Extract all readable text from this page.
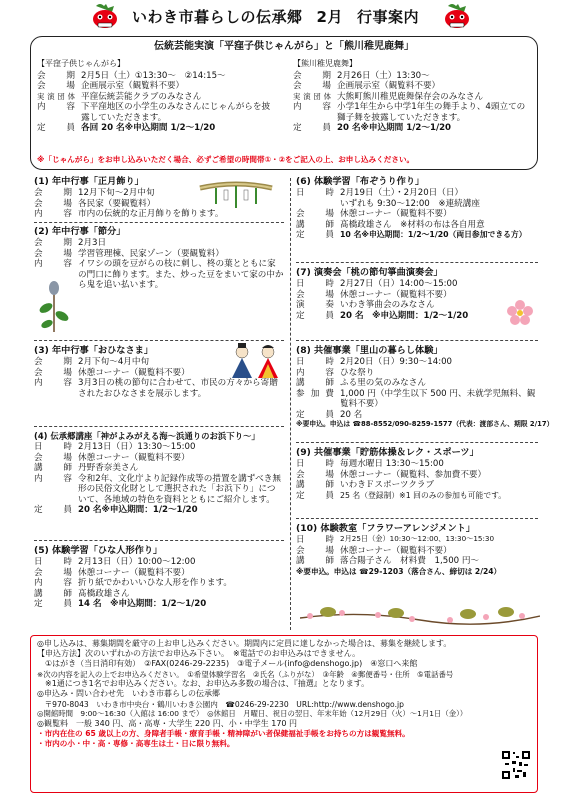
いわき市暮らしの伝承郷 2月 行事案内
伝統芸能実演「平窪子供じゃんがら」と「熊川稚児鹿舞」
【平窪子供じゃんがら】
会　期 2月5日（土）①13:30～　②14:15～
会　場 企画展示室（観覧料不要）
実演団体 平窪伝統芸能クラブのみなさん
内　容 下平窪地区の小学生のみなさんにじゃんがらを披露していただきます。
定　員 各回 20 名※申込期間 1/2～1/20
【熊川稚児鹿舞】
会　期 2月26日（土）13:30～
会　場 企画展示室（観覧料不要）
実演団体 大熊町熊川稚児鹿舞保存会のみなさん
内　容 小学1年生から中学1年生の舞手より、4頭立ての獅子舞を披露していただきます。
定　員 20 名※申込期間 1/2～1/20
※「じゃんがら」をお申し込みいただく場合、必ずご希望の時間帯①・②をご記入の上、お申し込みください。
(1) 年中行事「正月飾り」
会　期 12月下旬～2月中旬
会　場 各民家（要観覧料）
内　容 市内の伝統的な正月飾りを飾ります。
(2) 年中行事「節分」
会　期 2月3日
会　場 学習管理棟、民家ゾーン（要観覧料）
内　容 イワシの頭を豆がらの枝に刺し、柊の葉とともに家の門口に飾ります。また、炒った豆をまいて家の中から鬼を追い払います。
(3) 年中行事「おひなさま」
会　期 2月下旬～4月中旬
会　場 休憩コーナー（観覧料不要）
内　容 3月3日の桃の節句に合わせて、市民の方々から寄贈されたおひなさまを展示します。
(4) 伝承郷講座「神がよみがえる海～浜通りのお浜下り～」
日　時 2月13日（日）13:30～15:00
会　場 休憩コーナー（観覧料不要）
講　師 丹野香奈美さん
内　容 令和2年、文化庁より記録作成等の措置を講ずべき無形の民俗文化財として選択された「お浜下り」について、各地域の特色を資料とともにご紹介します。
定　員 20 名※申込期間：1/2～1/20
(5) 体験学習「ひな人形作り」
日　時 2月13日（日）10:00～12:00
会　場 休憩コーナー（観覧料不要）
内　容 折り紙でかわいいひな人形を作ります。
講　師 髙橋政雄さん
定　員 14 名　※申込期間：1/2～1/20
(6) 体験学習「布ぞうり作り」
日　時 2月19日（土）・2月20日（日）
いずれも 9:30～12:00　※連続講座
会　場 休憩コーナー（観覧料不要）
講　師 髙橋政雄さん　※材料の布は各自用意
定　員 10 名※申込期間：1/2～1/20（両日参加できる方）
(7) 演奏会「桃の節句箏曲演奏会」
日　時 2月27日（日）14:00～15:00
会　場 休憩コーナー（観覧料不要）
演　奏 いわき箏曲会のみなさん
定　員 20 名　※申込期間：1/2～1/20
(8) 共催事業「里山の暮らし体験」
日　時 2月20日（日）9:30～14:00
内　容 ひな祭り
講　師 ふる里の気のみなさん
参加費 1,000 円（中学生以下 500 円、未就学児無料、観覧料不要）
定　員 20 名
※要申込。申込は ☎88-8552/090-8259-1577（代表：渡部さん、期限 2/17）
(9) 共催事業「貯筋体操＆レク・スポーツ」
日　時 毎週水曜日 13:30～15:00
会　場 休憩コーナー（観覧料、参加費不要）
講　師 いわきＦスポーツクラブ
定　員 25 名（登録制）※1 回のみの参加も可能です。
(10) 体験教室「フラワーアレンジメント」
日　時 2月25日（金）10:30～12:00、13:30～15:30
会　場 休憩コーナー（観覧料不要）
講　師 落合陽子さん　材料費　1,500 円～
※要申込。申込は ☎29-1203（落合さん、締切は 2/24）
◎申し込みは、募集期間を厳守の上お申し込みください。期間内に定員に達しなかった場合は、募集を継続します。
【申込方法】次のいずれかの方法でお申込み下さい。　※電話でのお申込みはできません。
　①はがき（当日消印有効）　②FAX(0246-29-2235)　③電子メール(info@denshogo.jp)　④窓口へ来館
※次の内容を記入の上でお申込みください。　①希望体験学習名　②氏名（ふりがな）　③年齢　④郵便番号・住所　⑤電話番号
　※1通につき1名でお申込みください。なお、お申込み多数の場合は、『抽選』となります。
◎申込み・問い合わせ先　いわき市暮らしの伝承郷
　〒970-8043　いわき市中央台・鶴川いわき公園内　☎0246-29-2230　URL:http://www.denshogo.jp
◎開館時間　9:00～16:30（入館は 16:00 まで）　◎休館日　月曜日、祝日の翌日、年末年始（12月29日（火）～1月1日（金））
◎観覧料　一般 340 円、高・高専・大学生 220 円、小・中学生 170 円
・市内在住の 65 歳以上の方、身障者手帳・療育手帳・精神障がい者保健福祉手帳をお持ちの方は観覧無料。
・市内の小・中・高・専修・高専生は土・日に限り無料。
